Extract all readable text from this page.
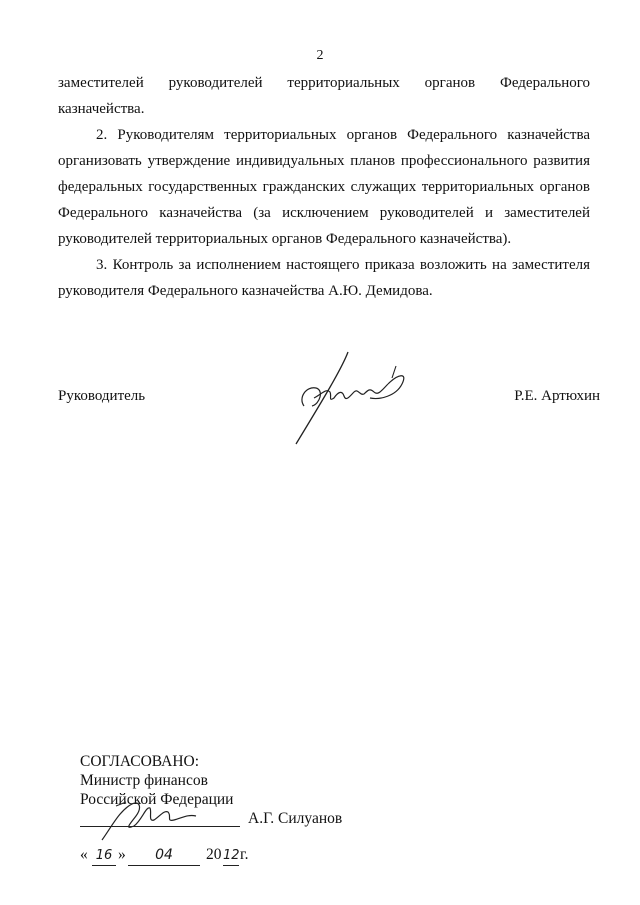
2

заместителей руководителей территориальных органов Федерального казначейства.

2. Руководителям территориальных органов Федерального казначейства организовать утверждение индивидуальных планов профессионального развития федеральных государственных гражданских служащих территориальных органов Федерального казначейства (за исключением руководителей и заместителей руководителей территориальных органов Федерального казначейства).

3. Контроль за исполнением настоящего приказа возложить на заместителя руководителя Федерального казначейства А.Ю. Демидова.

Руководитель	Р.Е. Артюхин
СОГЛАСОВАНО:
Министр финансов
Российской Федерации
А.Г. Силуанов
« 16 »	04	20 12 г.
